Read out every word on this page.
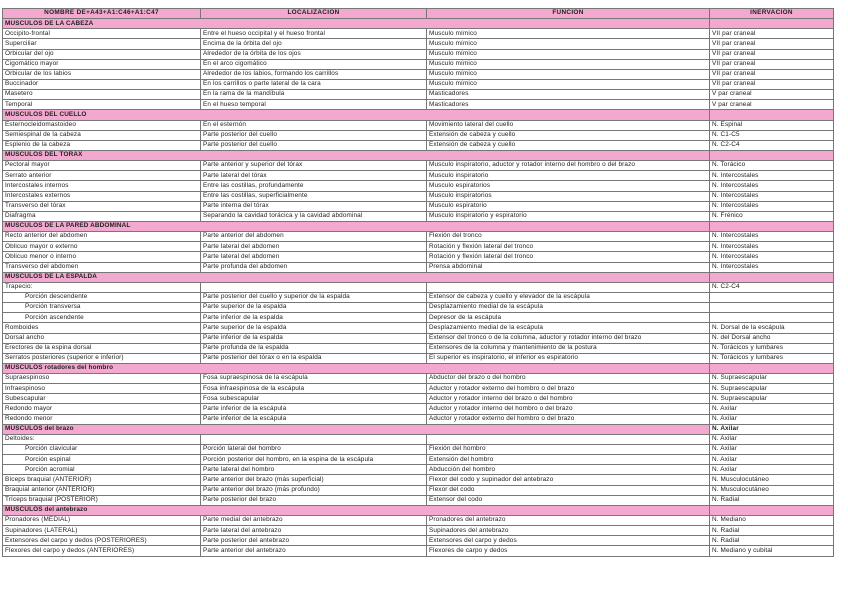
NOMBRE DE+A43+A1:C46+A1:C47	LOCALIZACIÓN	FUNCIÓN	INERVACIÓN
MUSCULOS DE LA CABEZA			
Occipito-frontal	Entre el hueso occipital y el hueso frontal	Musculo mímico	VII par craneal
Superciliar	Encima de la órbita del ojo	Musculo mímico	VII par craneal
Orbicular del ojo	Alrededor de la órbita de los ojos	Musculo mímico	VII par craneal
Cigomático mayor	En el arco cigomático	Musculo mímico	VII par craneal
Orbicular de los labios	Alrededor de los labios, formando los carrillos	Musculo mímico	VII par craneal
Buccinador	En los carrillos o parte lateral de la cara	Musculo mímico	VII par craneal
Masetero	En la rama de la mandíbula	Masticadores	V par craneal
Temporal	En el hueso temporal	Masticadores	V par craneal
MUSCULOS DEL CUELLO			
Esternocleidomastoideo	En el esternón	Movimiento lateral del cuello	N. Espinal
Semiespinal de la cabeza	Parte posterior del cuello	Extensión de cabeza y cuello	N. C1-C5
Esplenio de la cabeza	Parte posterior del cuello	Extensión de cabeza y cuello	N. C2-C4
MUSCULOS DEL TÓRAX			
Pectoral mayor	Parte anterior y superior del tórax	Musculo inspiratorio, aductor y rotador interno del hombro o del brazo	N. Torácico
Serrato anterior	Parte lateral del tórax	Musculo inspiratorio	N. Intercostales
Intercostales internos	Entre las costillas, profundamente	Musculo espiratorios	N. Intercostales
Intercostales externos	Entre las costillas, superficialmente	Musculo inspiratorios	N. Intercostales
Transverso del tórax	Parte interna del tórax	Musculo espiratorio	N. Intercostales
Diafragma	Separando la cavidad torácica y la cavidad abdominal	Musculo inspiratorio y espiratorio	N. Frénico
MUSCULOS DE LA PARED ABDOMINAL			
Recto anterior del abdomen	Parte anterior del abdomen	Flexión del tronco	N. Intercostales
Oblicuo mayor o externo	Parte lateral del abdomen	Rotación y flexión lateral del tronco	N. Intercostales
Oblicuo menor o interno	Parte lateral del abdomen	Rotación y flexión lateral del tronco	N. Intercostales
Transverso del abdomen	Parte profunda del abdomen	Prensa abdominal	N. Intercostales
MUSCULOS DE LA ESPALDA			
Trapecio:			N. C2-C4
Porción descendente	Parte posterior del cuello y superior de la espalda	Extensor de cabeza y cuello y elevador de la escápula	
Porción transversa	Parte superior de la espalda	Desplazamiento medial de la escápula	
Porción ascendente	Parte inferior de la espalda	Depresor de la escápula	
Romboides	Parte superior de la espalda	Desplazamiento medial de la escápula	N. Dorsal de la escápula
Dorsal ancho	Parte inferior de la espalda	Extensor del tronco o de la columna, aductor y rotador interno del brazo	N. del Dorsal ancho
Erectores de la espina dorsal	Parte profunda de la espalda	Extensores de la columna y mantenimiento de la postura	N. Torácicos y lumbares
Serratos posteriores (superior e inferior)	Parte posterior del tórax o en la espalda	El superior es inspiratorio, el inferior es espiratorio	N. Torácicos y lumbares
MUSCULOS rotadores del hombro			
Supraespinoso	Fosa supraespinosa de la escápula	Abductor del brazo o del hombro	N. Supraescapular
Infraespinoso	Fosa infraespinosa de la escápula	Aductor y rotador externo del hombro o del brazo	N. Supraescapular
Subescapular	Fosa subescapular	Aductor y rotador interno del brazo o del hombro	N. Supraescapular
Redondo mayor	Parte inferior de la escápula	Aductor y rotador interno del hombro o del brazo	N. Axilar
Redondo menor	Parte inferior de la escápula	Aductor y rotador externo del hombro o del brazo	N. Axilar
MUSCULOS del brazo			N. Axilar
Deltoides:			N. Axilar
Porción clavicular	Porción lateral del hombro	Flexión del hombro	N. Axilar
Porción espinal	Porción posterior del hombro, en la espina de la escápula	Extensión del hombro	N. Axilar
Porción acromial	Parte lateral del hombro	Abducción del hombro	N. Axilar
Bíceps braquial (ANTERIOR)	Parte anterior del brazo (más superficial)	Flexor del codo y supinador del antebrazo	N. Musculocutáneo
Braquial anterior (ANTERIOR)	Parte anterior del brazo (más profundo)	Flexor del codo	N. Musculocutáneo
Tríceps braquial (POSTERIOR)	Parte posterior del brazo	Extensor del codo	N. Radial
MUSCULOS del antebrazo			
Pronadores (MEDIAL)	Parte medial del antebrazo	Pronadores del antebrazo	N. Mediano
Supinadores (LATERAL)	Parte lateral del antebrazo	Supinadores del antebrazo	N. Radial
Extensores del carpo y dedos (POSTERIORES)	Parte posterior del antebrazo	Extensores del carpo y dedos	N. Radial
Flexores del carpo y dedos (ANTERIORES)	Parte anterior del antebrazo	Flexores de carpo y dedos	N. Mediano y cubital
